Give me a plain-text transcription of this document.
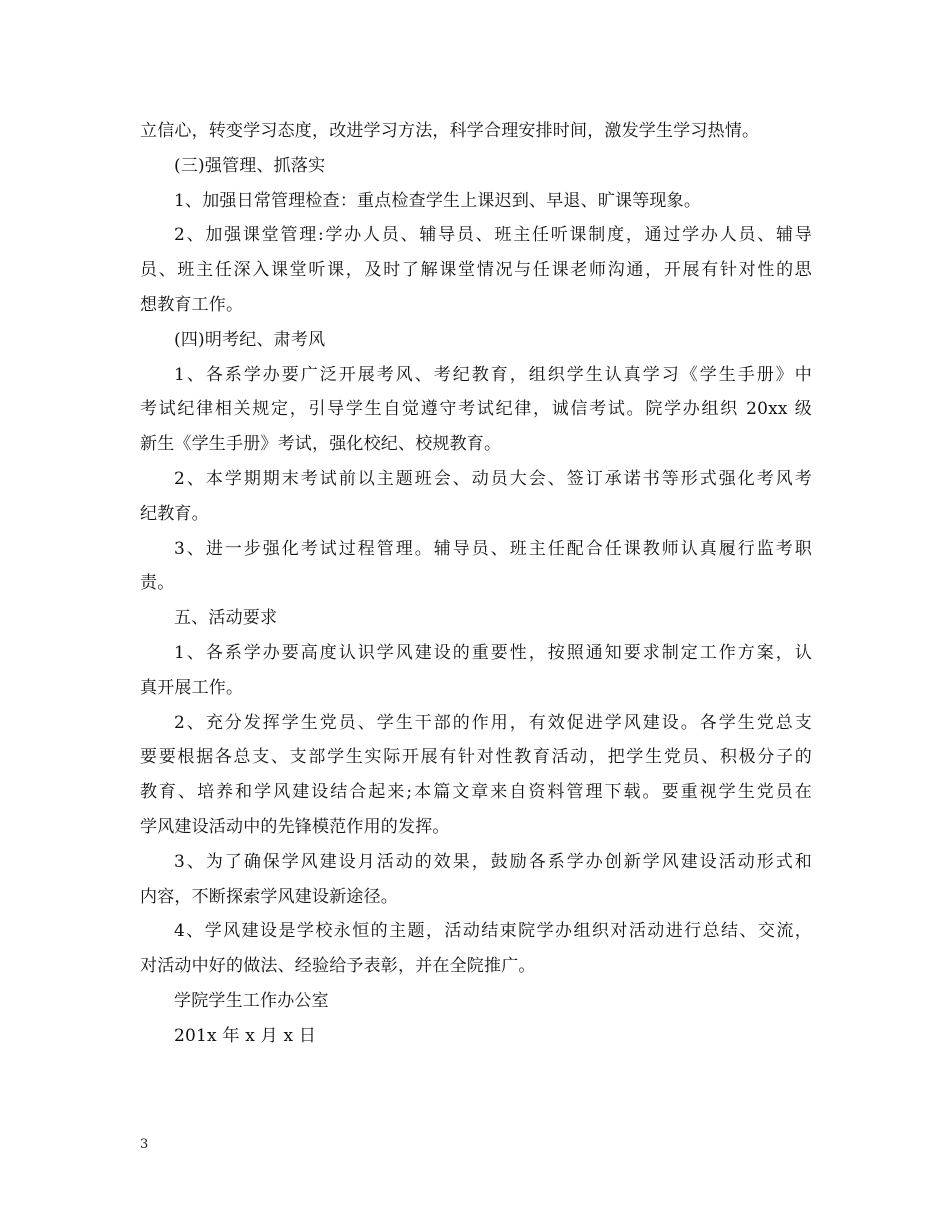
立信心，转变学习态度，改进学习方法，科学合理安排时间，激发学生学习热情。
(三)强管理、抓落实
1、加强日常管理检查：重点检查学生上课迟到、早退、旷课等现象。
2、加强课堂管理:学办人员、辅导员、班主任听课制度，通过学办人员、辅导
员、班主任深入课堂听课，及时了解课堂情况与任课老师沟通，开展有针对性的思
想教育工作。
(四)明考纪、肃考风
1、各系学办要广泛开展考风、考纪教育，组织学生认真学习《学生手册》中
考试纪律相关规定，引导学生自觉遵守考试纪律，诚信考试。院学办组织 20xx 级
新生《学生手册》考试，强化校纪、校规教育。
2、本学期期末考试前以主题班会、动员大会、签订承诺书等形式强化考风考
纪教育。
3、进一步强化考试过程管理。辅导员、班主任配合任课教师认真履行监考职
责。
五、活动要求
1、各系学办要高度认识学风建设的重要性，按照通知要求制定工作方案，认
真开展工作。
2、充分发挥学生党员、学生干部的作用，有效促进学风建设。各学生党总支
要要根据各总支、支部学生实际开展有针对性教育活动，把学生党员、积极分子的
教育、培养和学风建设结合起来;本篇文章来自资料管理下载。要重视学生党员在
学风建设活动中的先锋模范作用的发挥。
3、为了确保学风建设月活动的效果，鼓励各系学办创新学风建设活动形式和
内容，不断探索学风建设新途径。
4、学风建设是学校永恒的主题，活动结束院学办组织对活动进行总结、交流，
对活动中好的做法、经验给予表彰，并在全院推广。
学院学生工作办公室
201x 年 x 月 x 日
3
